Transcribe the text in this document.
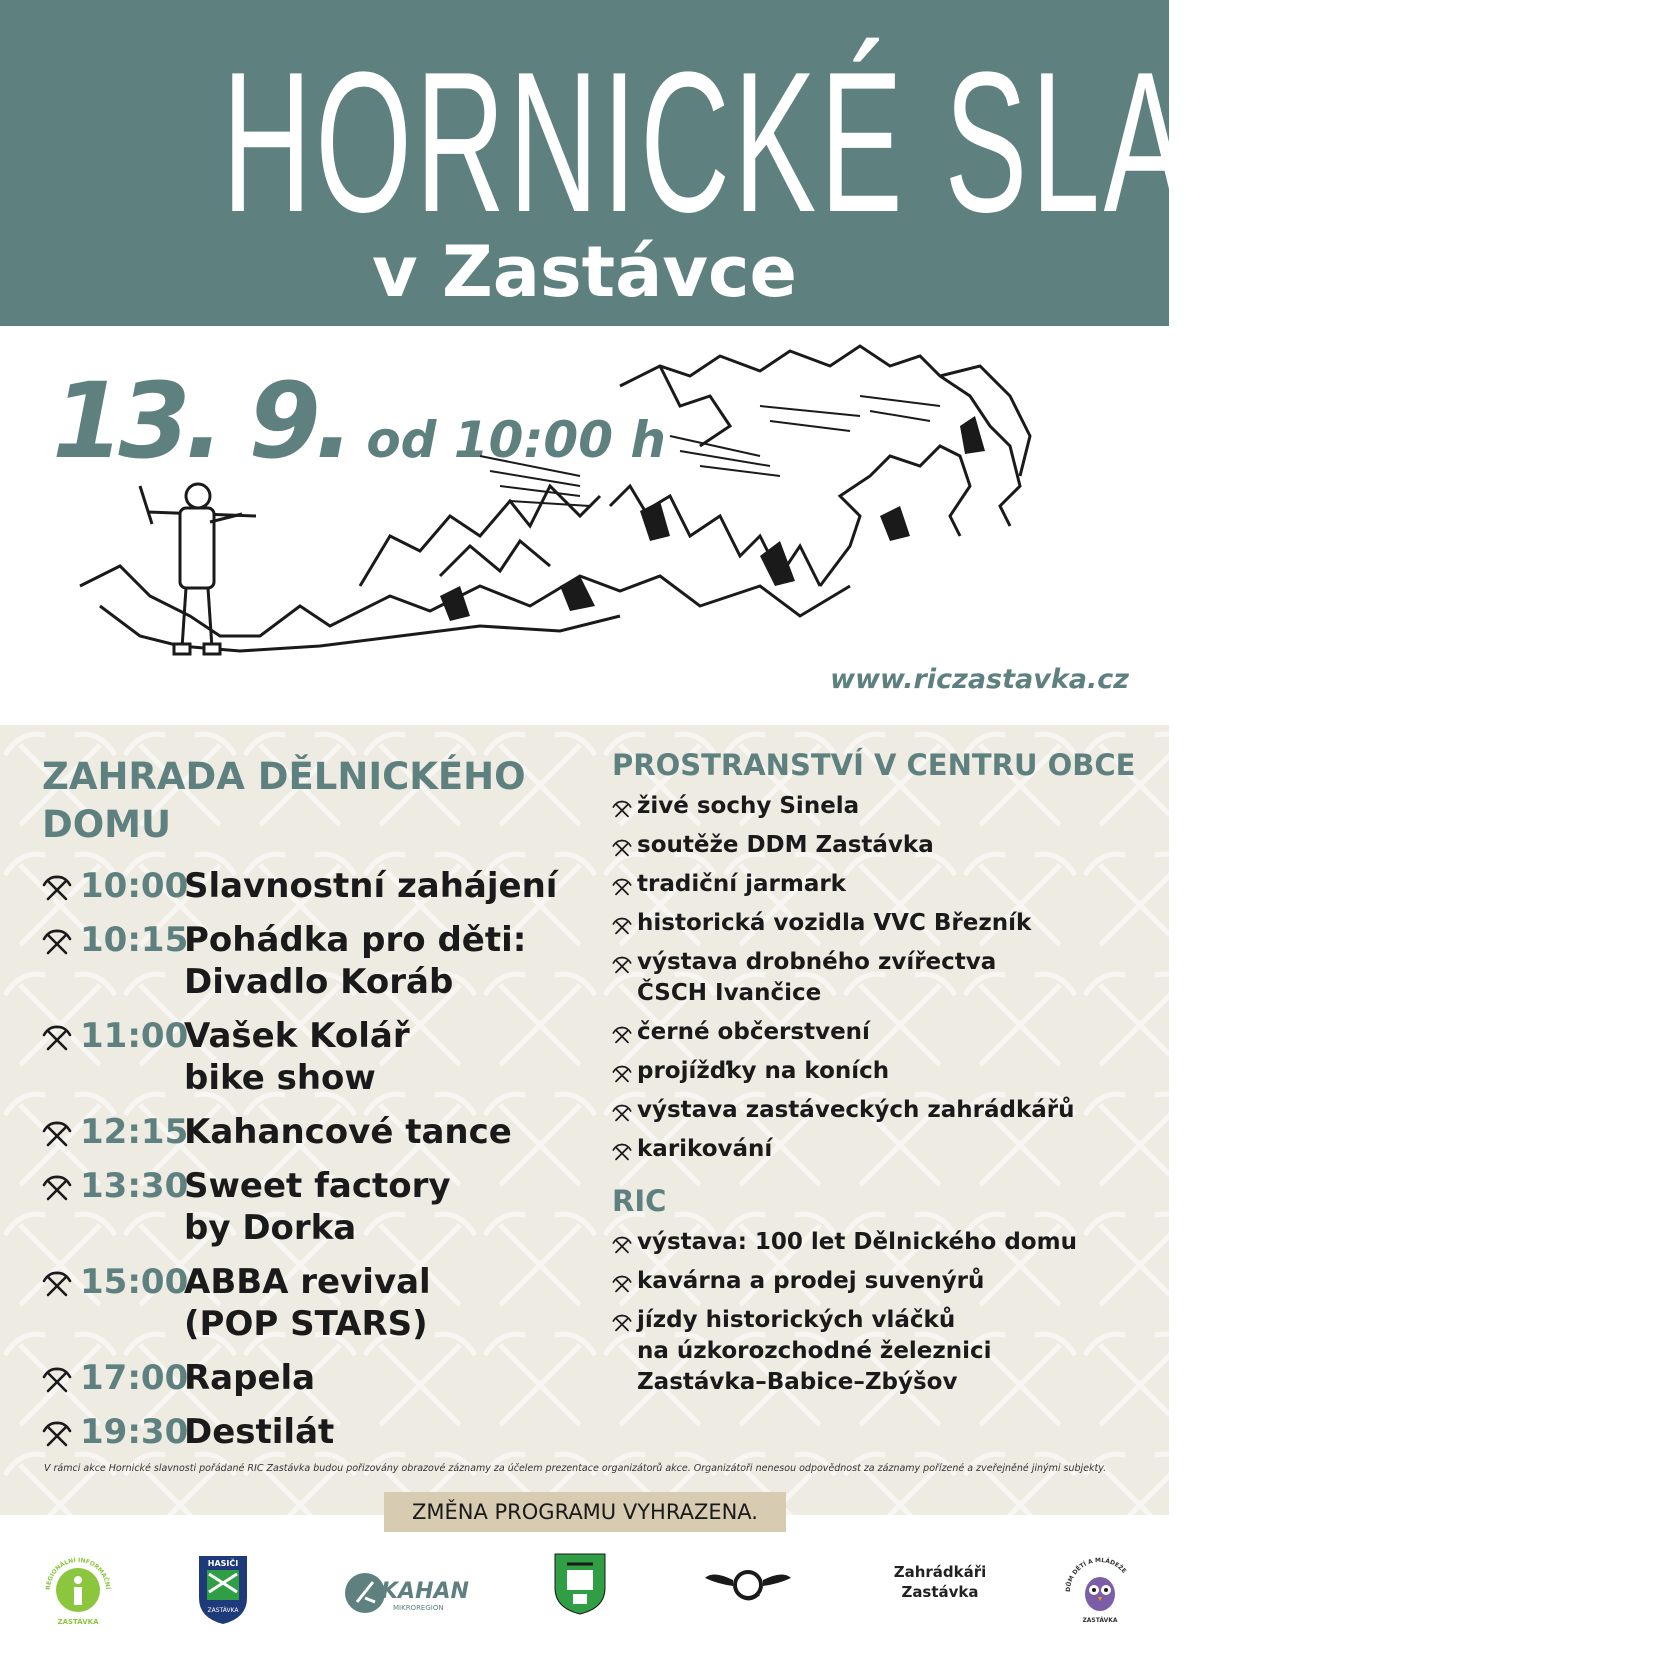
HORNICKÉ SLAVNOSTI
v Zastávce
13. 9. od 10:00 h
www.riczastavka.cz
ZAHRADA DĚLNICKÉHO DOMU
10:00
Slavnostní zahájení
10:15
Pohádka pro děti:
Divadlo Koráb
11:00
Vašek Kolář
bike show
12:15
Kahancové tance
13:30
Sweet factory
by Dorka
15:00
ABBA revival
(POP STARS)
17:00
Rapela
19:30
Destilát
PROSTRANSTVÍ V CENTRU OBCE
živé sochy Sinela
soutěže DDM Zastávka
tradiční jarmark
historická vozidla VVC Březník
výstava drobného zvířectva
ČSCH Ivančice
černé občerstvení
projížďky na koních
výstava zastáveckých zahrádkářů
karikování
RIC
výstava: 100 let Dělnického domu
kavárna a prodej suvenýrů
jízdy historických vláčků
na úzkorozchodné železnici
Zastávka–Babice–Zbýšov
V rámci akce Hornické slavnosti pořádané RIC Zastávka budou pořizovány obrazové záznamy za účelem prezentace organizátorů akce. Organizátoři nenesou odpovědnost za záznamy pořízené a zveřejněné jinými subjekty.
ZMĚNA PROGRAMU VYHRAZENA.
REGIONÁLNÍ INFORMAČNÍ
ZASTÁVKA
HASIČI
ZASTÁVKA
KAHAN
MIKROREGION
Zahrádkáři
Zastávka	DŮM DĚTÍ A MLÁDEŽE
ZASTÁVKA
